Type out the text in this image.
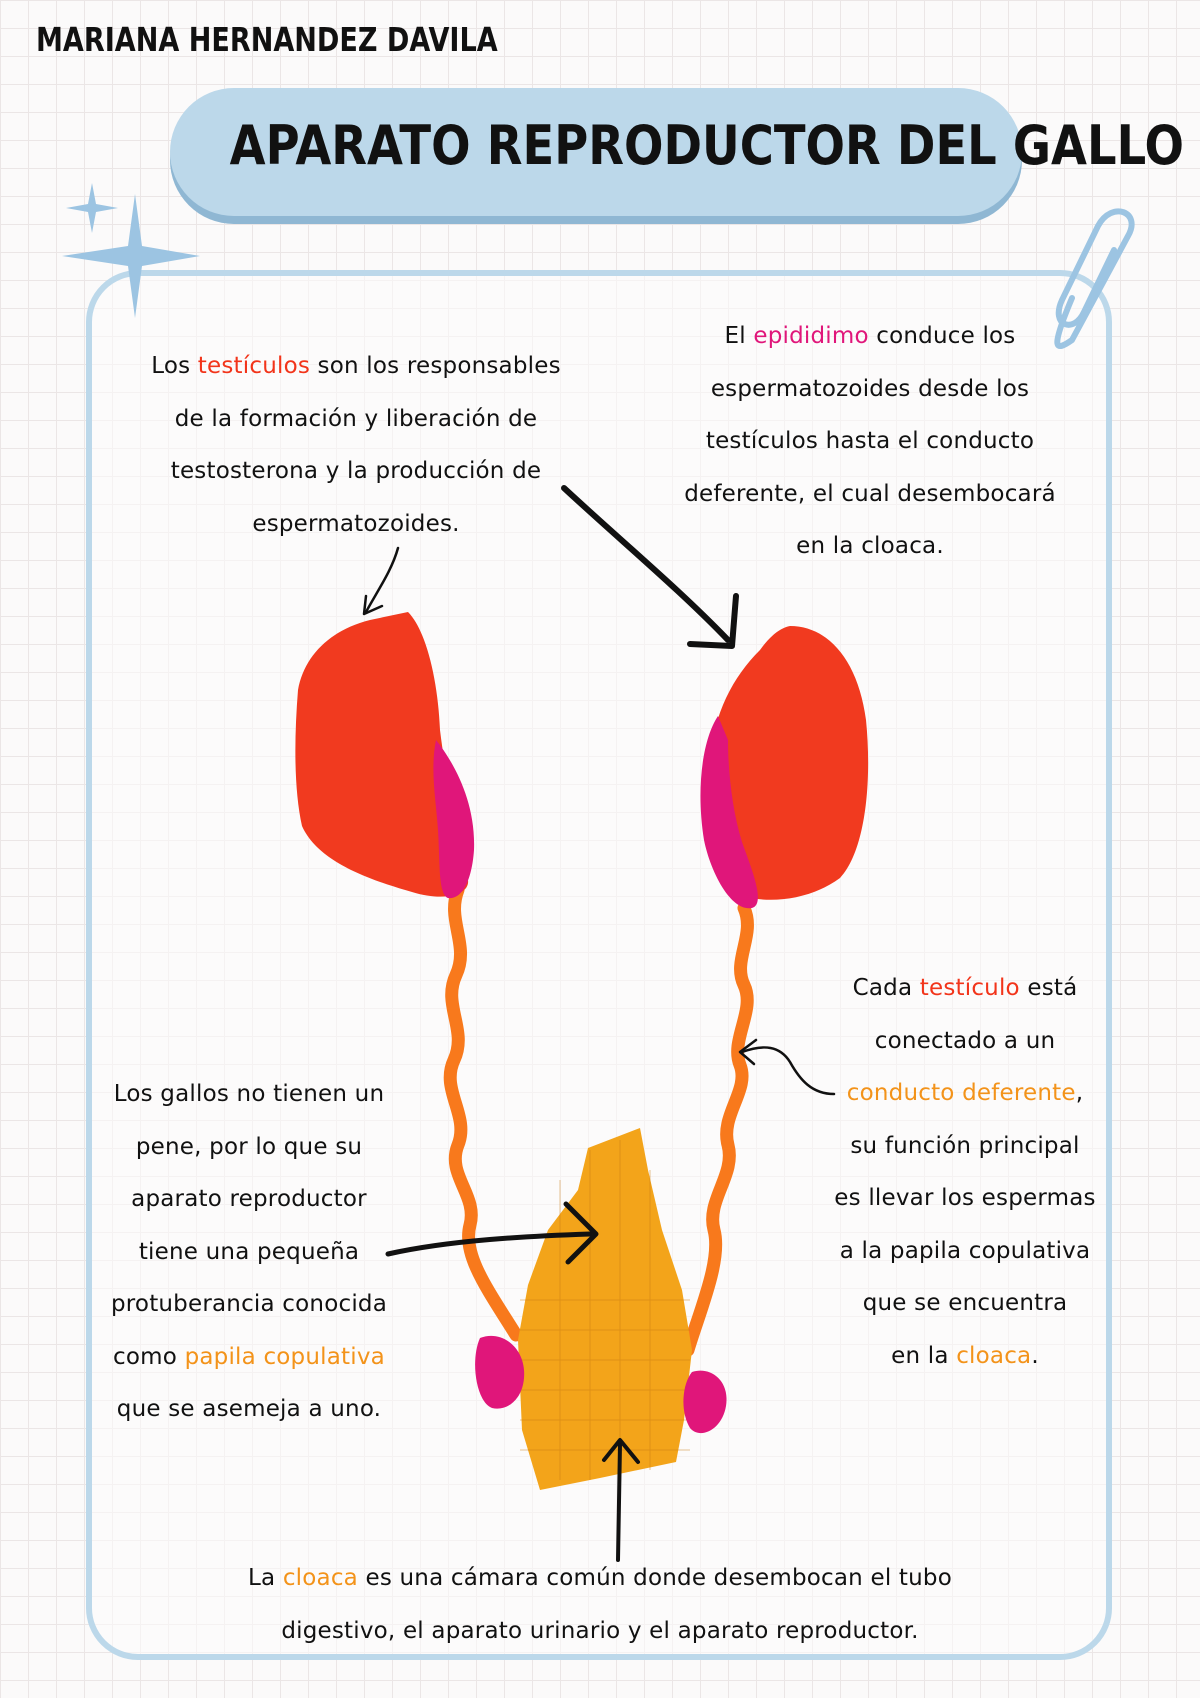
MARIANA HERNANDEZ DAVILA
APARATO REPRODUCTOR DEL GALLO
Los testículos son los responsables
de la formación y liberación de
testosterona y la producción de
espermatozoides.
El epididimo conduce los
espermatozoides desde los
testículos hasta el conducto
deferente, el cual desembocará
en la cloaca.
Cada testículo está
conectado a un
conducto deferente,
su función principal
es llevar los espermas
a la papila copulativa
que se encuentra
en la cloaca.
Los gallos no tienen un
pene, por lo que su
aparato reproductor
tiene una pequeña
protuberancia conocida
como papila copulativa
que se asemeja a uno.
La cloaca es una cámara común donde desembocan el tubo
digestivo, el aparato urinario y el aparato reproductor.
